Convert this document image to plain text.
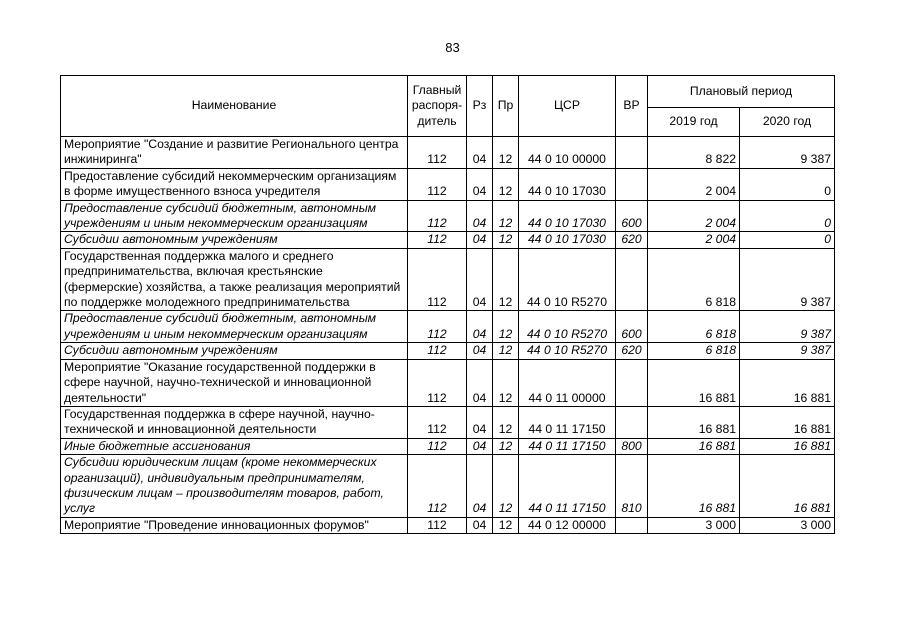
83
Наименование	Главный распоря-дитель	Рз	Пр	ЦСР	ВР	Плановый период	
						2019 год	2020 год
Мероприятие "Создание и развитие Регионального центра инжиниринга"	112	04	12	44 0 10 00000		8 822	9 387
Предоставление субсидий некоммерческим организациям в форме имущественного взноса учредителя	112	04	12	44 0 10 17030		2 004	0
Предоставление субсидий бюджетным, автономным учреждениям и иным некоммерческим организациям	112	04	12	44 0 10 17030	600	2 004	0
Субсидии автономным учреждениям	112	04	12	44 0 10 17030	620	2 004	0
Государственная поддержка малого и среднего предпринимательства, включая крестьянские (фермерские) хозяйства, а также реализация мероприятий по поддержке молодежного предпринимательства	112	04	12	44 0 10 R5270		6 818	9 387
Предоставление субсидий бюджетным, автономным учреждениям и иным некоммерческим организациям	112	04	12	44 0 10 R5270	600	6 818	9 387
Субсидии автономным учреждениям	112	04	12	44 0 10 R5270	620	6 818	9 387
Мероприятие "Оказание государственной поддержки в сфере научной, научно-технической и инновационной деятельности"	112	04	12	44 0 11 00000		16 881	16 881
Государственная поддержка в сфере научной, научно-технической и инновационной деятельности	112	04	12	44 0 11 17150		16 881	16 881
Иные бюджетные ассигнования	112	04	12	44 0 11 17150	800	16 881	16 881
Субсидии юридическим лицам (кроме некоммерческих организаций), индивидуальным предпринимателям, физическим лицам – производителям товаров, работ, услуг	112	04	12	44 0 11 17150	810	16 881	16 881
Мероприятие "Проведение инновационных форумов"	112	04	12	44 0 12 00000		3 000	3 000
